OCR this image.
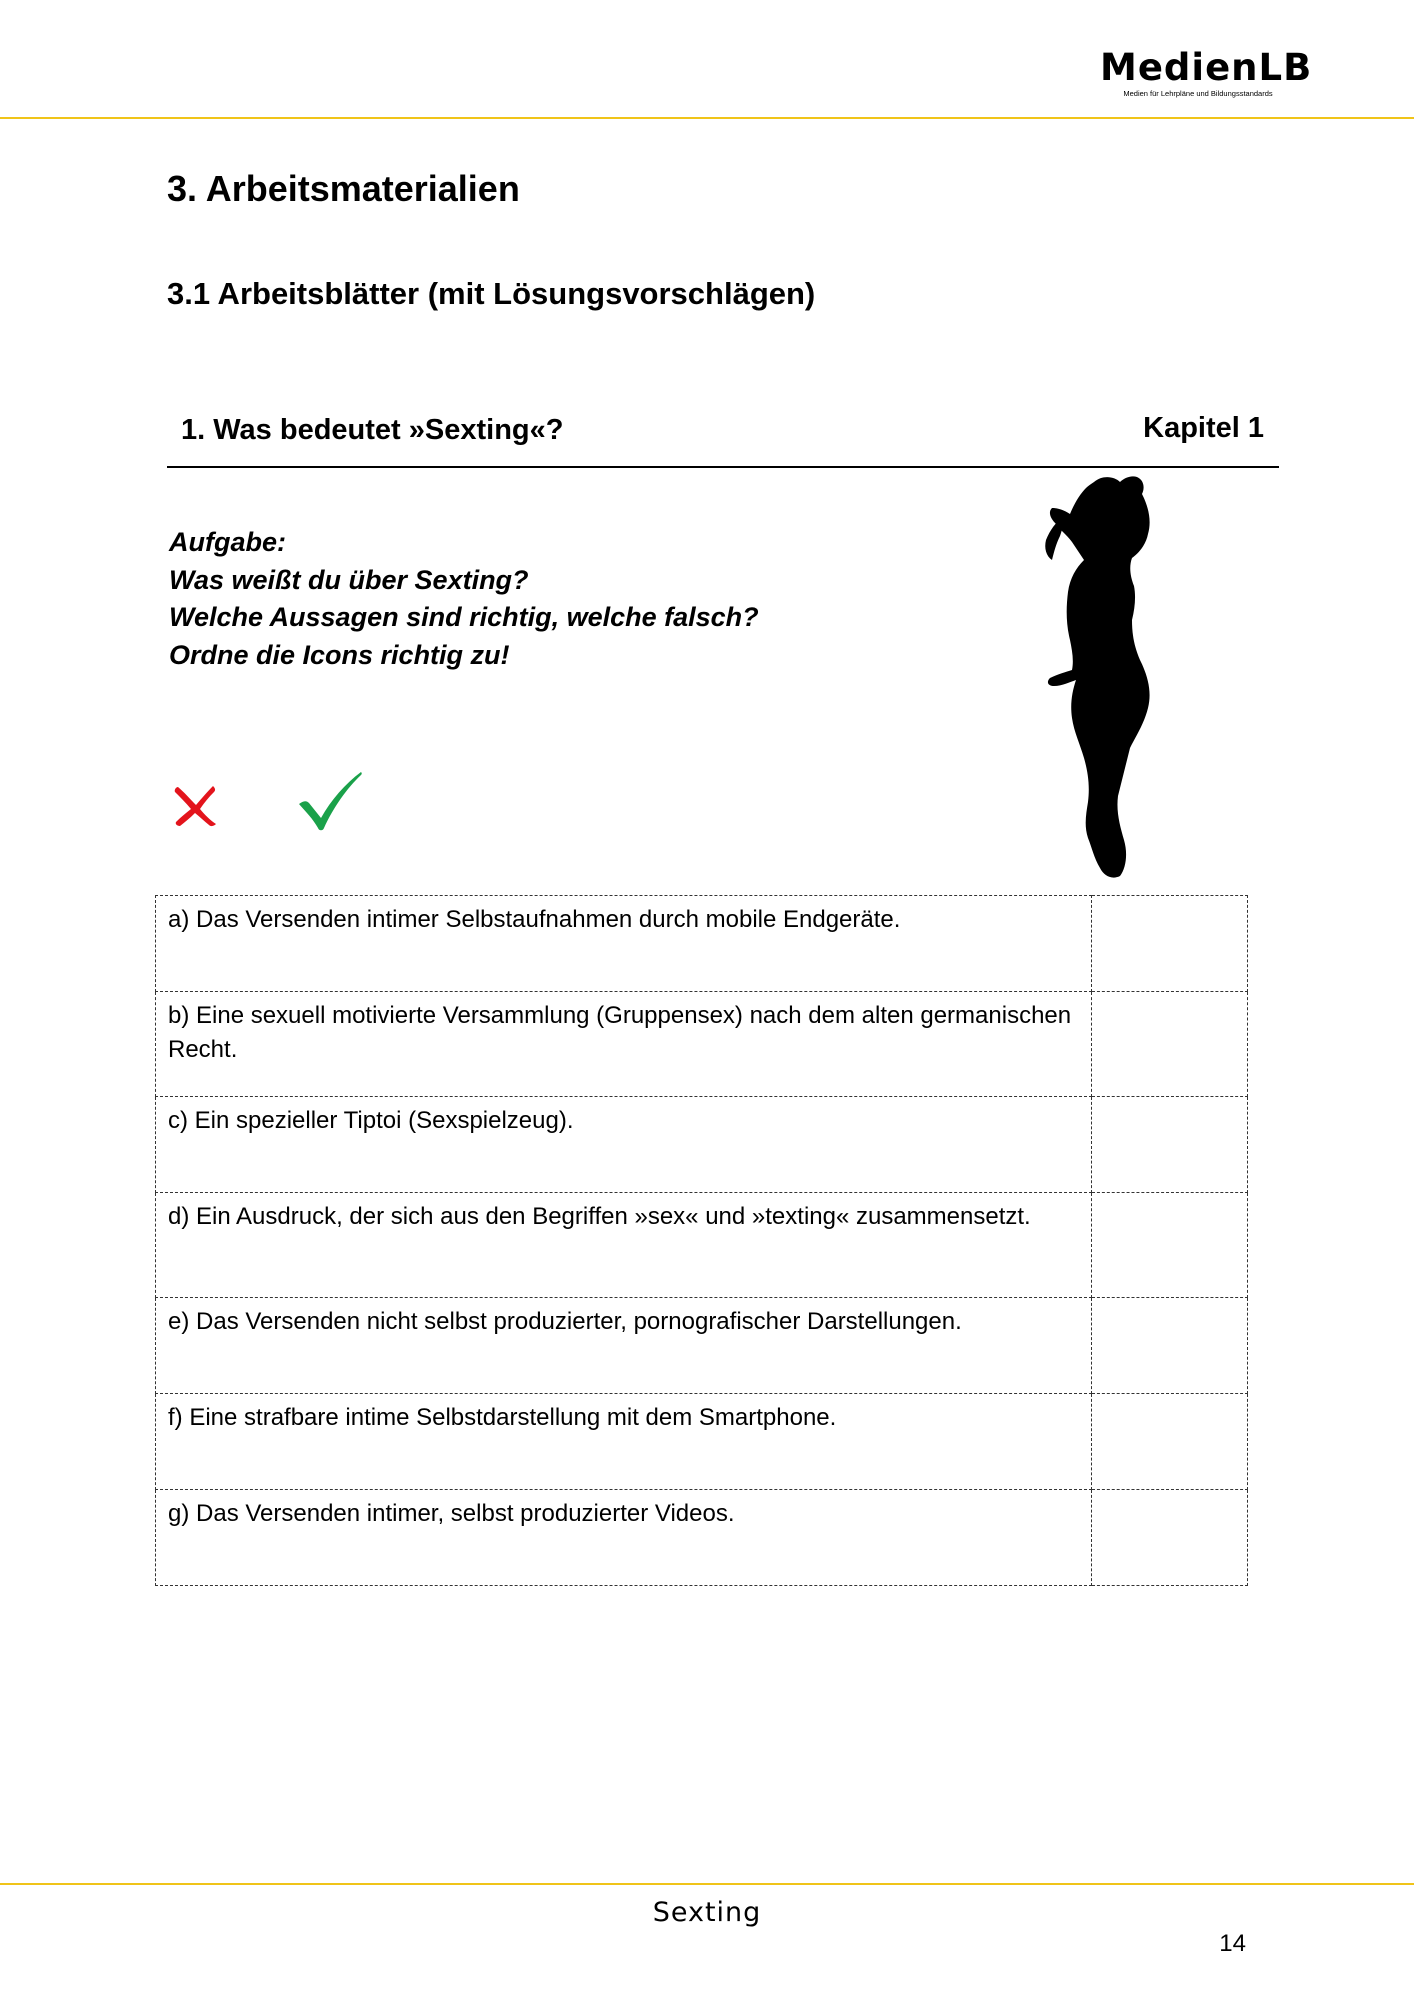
MedienLB
Medien für Lehrpläne und Bildungsstandards
3. Arbeitsmaterialien
3.1 Arbeitsblätter (mit Lösungsvorschlägen)
1. Was bedeutet »Sexting«?	Kapitel 1
Aufgabe:
Was weißt du über Sexting?
Welche Aussagen sind richtig, welche falsch?
Ordne die Icons richtig zu!
a) Das Versenden intimer Selbstaufnahmen durch mobile Endgeräte.	
b) Eine sexuell motivierte Versammlung (Gruppensex) nach dem alten germanischen Recht.	
c) Ein spezieller Tiptoi (Sexspielzeug).	
d) Ein Ausdruck, der sich aus den Begriffen »sex« und »texting« zusammensetzt.	
e) Das Versenden nicht selbst produzierter, pornografischer Darstellungen.	
f) Eine strafbare intime Selbstdarstellung mit dem Smartphone.	
g) Das Versenden intimer, selbst produzierter Videos.	
Sexting
14
